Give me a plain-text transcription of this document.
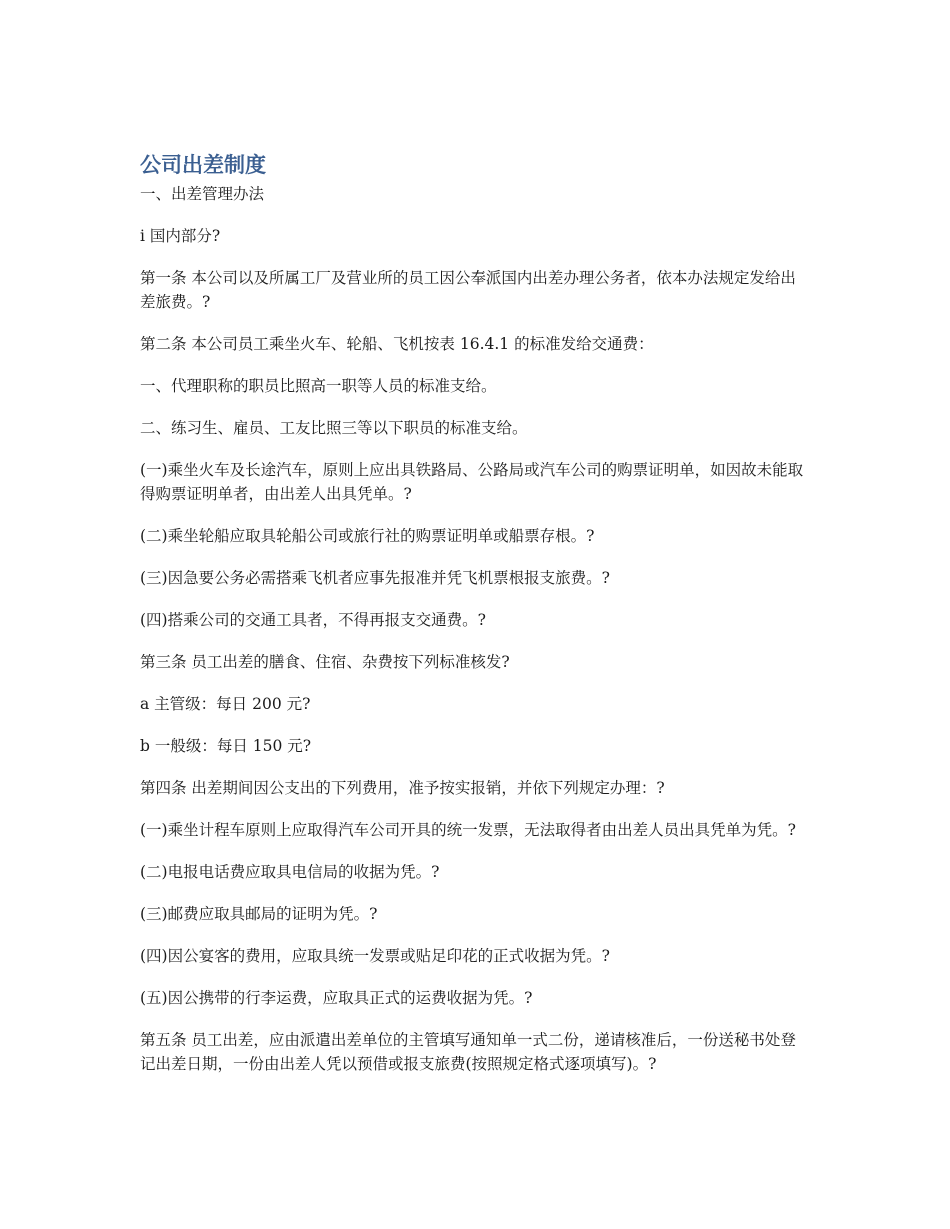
公司出差制度

一、出差管理办法

i 国内部分?

第一条 本公司以及所属工厂及营业所的员工因公奉派国内出差办理公务者，依本办法规定发给出差旅费。?

第二条 本公司员工乘坐火车、轮船、飞机按表 16.4.1 的标准发给交通费：

一、代理职称的职员比照高一职等人员的标准支给。

二、练习生、雇员、工友比照三等以下职员的标准支给。

(一)乘坐火车及长途汽车，原则上应出具铁路局、公路局或汽车公司的购票证明单，如因故未能取得购票证明单者，由出差人出具凭单。?

(二)乘坐轮船应取具轮船公司或旅行社的购票证明单或船票存根。?

(三)因急要公务必需搭乘飞机者应事先报准并凭飞机票根报支旅费。?

(四)搭乘公司的交通工具者，不得再报支交通费。?

第三条 员工出差的膳食、住宿、杂费按下列标准核发?

a 主管级：每日 200 元?

b 一般级：每日 150 元?

第四条 出差期间因公支出的下列费用，准予按实报销，并依下列规定办理：?

(一)乘坐计程车原则上应取得汽车公司开具的统一发票，无法取得者由出差人员出具凭单为凭。?

(二)电报电话费应取具电信局的收据为凭。?

(三)邮费应取具邮局的证明为凭。?

(四)因公宴客的费用，应取具统一发票或贴足印花的正式收据为凭。?

(五)因公携带的行李运费，应取具正式的运费收据为凭。?

第五条 员工出差，应由派遣出差单位的主管填写通知单一式二份，递请核准后，一份送秘书处登记出差日期，一份由出差人凭以预借或报支旅费(按照规定格式逐项填写)。?
